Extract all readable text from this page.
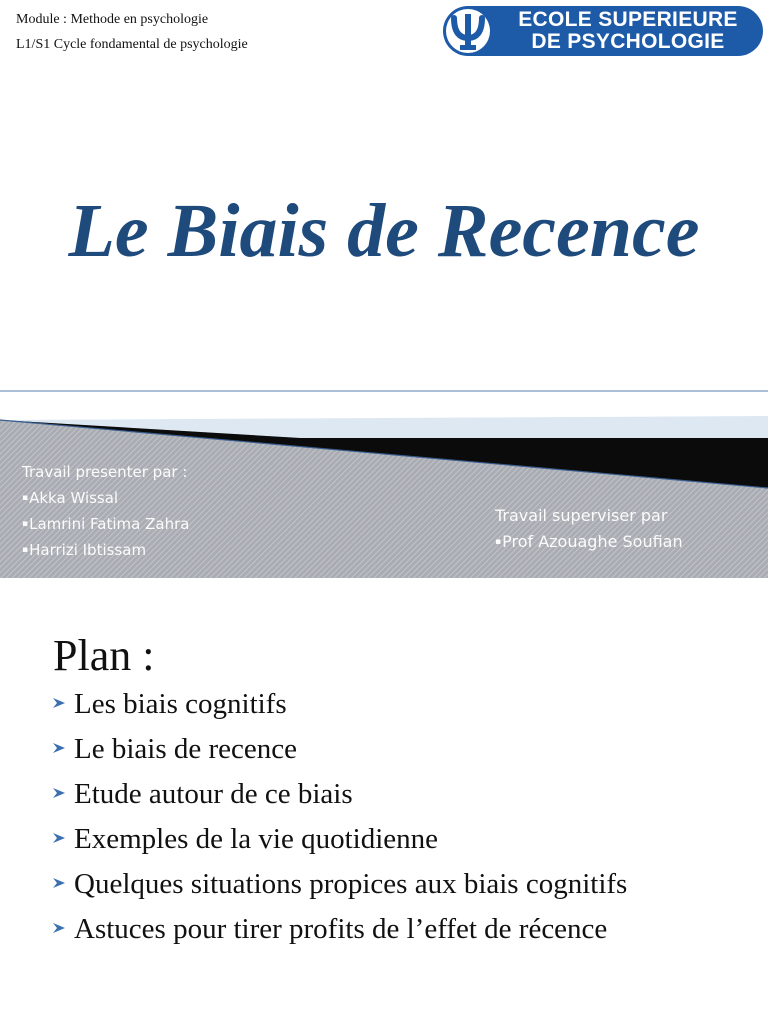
Module : Methode en psychologie
L1/S1 Cycle fondamental de psychologie
ECOLE SUPERIEURE
DE PSYCHOLOGIE
Le Biais de Recence
Travail presenter par :
▪Akka Wissal
▪Lamrini Fatima Zahra
▪Harrizi Ibtissam
Travail superviser par
▪Prof Azouaghe Soufian
Plan :
Les biais cognitifs
Le biais de recence
Etude autour de ce biais
Exemples de la vie quotidienne
Quelques situations propices aux biais cognitifs
Astuces pour tirer profits de l’effet de récence
